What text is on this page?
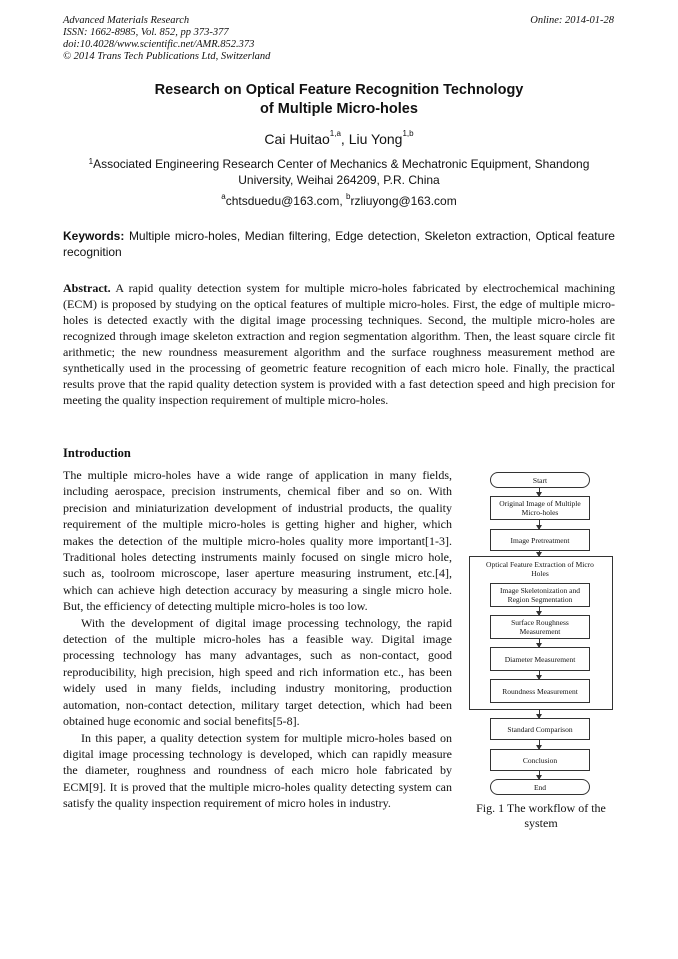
Advanced Materials Research
ISSN: 1662-8985, Vol. 852, pp 373-377
doi:10.4028/www.scientific.net/AMR.852.373
© 2014 Trans Tech Publications Ltd, Switzerland
Online: 2014-01-28
Research on Optical Feature Recognition Technology
of Multiple Micro-holes
Cai Huitao$^{1,a}$, Liu Yong$^{1,b}$
$^1$Associated Engineering Research Center of Mechanics & Mechatronic Equipment, Shandong University, Weihai 264209, P.R. China
$^a$chtsduedu@163.com, $^b$rzliuyong@163.com
Keywords: Multiple micro-holes, Median filtering, Edge detection, Skeleton extraction, Optical feature recognition
Abstract. A rapid quality detection system for multiple micro-holes fabricated by electrochemical machining (ECM) is proposed by studying on the optical features of multiple micro-holes. First, the edge of multiple micro-holes is detected exactly with the digital image processing techniques. Second, the multiple micro-holes are recognized through image skeleton extraction and region segmentation algorithm. Then, the least square circle fit arithmetic; the new roundness measurement algorithm and the surface roughness measurement method are synthetically used in the processing of geometric feature recognition of each micro hole. Finally, the practical results prove that the rapid quality detection system is provided with a fast detection speed and high precision for meeting the quality inspection requirement of multiple micro-holes.
Introduction

The multiple micro-holes have a wide range of application in many fields, including aerospace, precision instruments, chemical fiber and so on. With precision and miniaturization development of industrial products, the quality requirement of the multiple micro-holes is getting higher and higher, which makes the detection of the multiple micro-holes quality more important[1-3]. Traditional holes detecting instruments mainly focused on single micro hole, such as, toolroom microscope, laser aperture measuring instrument, etc.[4], which can achieve high detection accuracy by measuring a single micro hole. But, the efficiency of detecting multiple micro-holes is too low.

With the development of digital image processing technology, the rapid detection of the multiple micro-holes has a feasible way. Digital image processing technology has many advantages, such as non-contact, good reproducibility, high precision, high speed and rich information etc., has been widely used in many fields, including industry monitoring, production automation, non-contact detection, military target detection, which had been obtained huge economic and social benefits[5-8].

In this paper, a quality detection system for multiple micro-holes based on digital image processing technology is developed, which can rapidly measure the diameter, roughness and roundness of each micro hole fabricated by ECM[9]. It is proved that the multiple micro-holes quality detecting system can satisfy the quality inspection requirement of micro holes in industry.

Start
Original Image of Multiple Micro-holes
Image Pretreatment
Optical Feature Extraction of Micro Holes
Image Skeletonization and Region Segmentation
Surface Roughness Measurement
Diameter Measurement
Roundness Measurement
Standard Comparison
Conclusion
End
Fig. 1 The workflow of the system
